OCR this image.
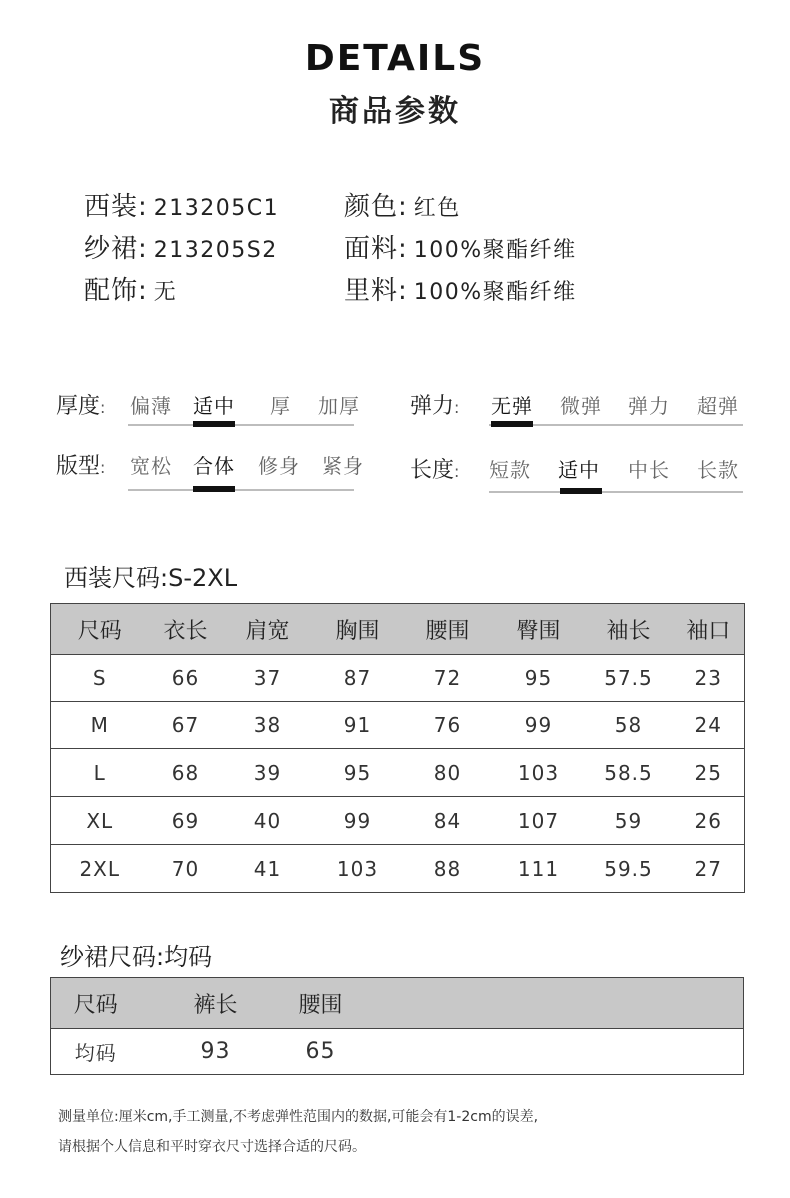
DETAILS
商品参数
西装: 213205C1
纱裙: 213205S2
配饰: 无
颜色: 红色
面料: 100%聚酯纤维
里料: 100%聚酯纤维
厚度: 偏薄 适中 厚 加厚 弹力: 无弹 微弹 弹力 超弹
版型: 宽松 合体 修身 紧身 长度: 短款 适中 中长 长款
西装尺码:S-2XL
尺码	衣长	肩宽	胸围	腰围	臀围	袖长	袖口
S	66	37	87	72	95	57.5	23
M	67	38	91	76	99	58	24
L	68	39	95	80	103	58.5	25
XL	69	40	99	84	107	59	26
2XL	70	41	103	88	111	59.5	27
纱裙尺码:均码
尺码	裤长	腰围	
均码	93	65	
测量单位:厘米cm,手工测量,不考虑弹性范围内的数据,可能会有1-2cm的误差,
请根据个人信息和平时穿衣尺寸选择合适的尺码。
